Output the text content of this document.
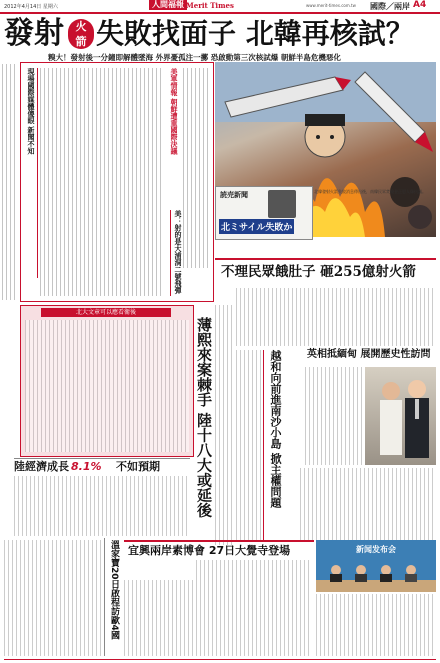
2012年4月14日 星期六	人間福報 Merit Times	www.merit-times.com.tw 國際／兩岸 A4
發射	火
箭 失敗找面子 北韓再核試？
糗大！發射後一分鐘即解體墜海 外界憂孤注一擲 恐啟動第三次核試爆 朝鮮半島危機惡化
現場國際媒體傻眼 新聞不知	美軍情報 朝鮮遭重國際決議
美：射的是大浦洞二號飛彈
読売新聞
北ミサイル失敗か
北韓發射火箭失敗消息傳出後，南韓民眾焚燒金正恩人像抗議。
北大文章可以應看衛後
薄熙來案棘手 陸十八大或延後
不理民眾餓肚子 砸255億射火箭
英相抵緬甸 展開歷史性訪問
越和向前進南沙小島 掀主權問題
陸經濟成長 8.1% 不如預期
溫家寶20日啟程訪歐4國 宜興兩岸素博會 27日大覺寺登場	新闻发布会
